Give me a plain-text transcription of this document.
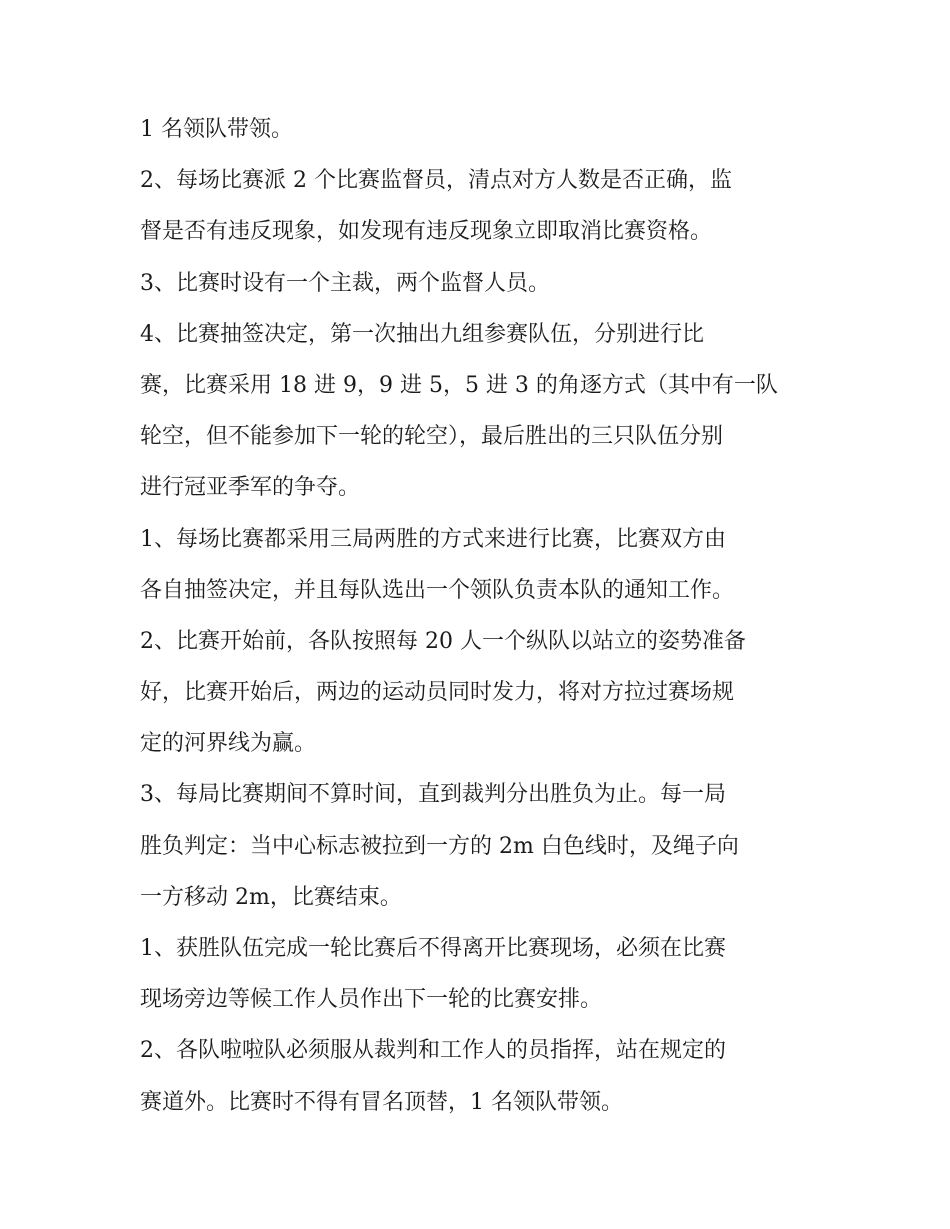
1 名领队带领。
2、每场比赛派 2 个比赛监督员，清点对方人数是否正确，监
督是否有违反现象，如发现有违反现象立即取消比赛资格。
3、比赛时设有一个主裁，两个监督人员。
4、比赛抽签决定，第一次抽出九组参赛队伍，分别进行比
赛，比赛采用 18 进 9，9 进 5，5 进 3 的角逐方式（其中有一队
轮空，但不能参加下一轮的轮空），最后胜出的三只队伍分别
进行冠亚季军的争夺。
1、每场比赛都采用三局两胜的方式来进行比赛，比赛双方由
各自抽签决定，并且每队选出一个领队负责本队的通知工作。
2、比赛开始前，各队按照每 20 人一个纵队以站立的姿势准备
好，比赛开始后，两边的运动员同时发力，将对方拉过赛场规
定的河界线为赢。
3、每局比赛期间不算时间，直到裁判分出胜负为止。每一局
胜负判定：当中心标志被拉到一方的 2m 白色线时，及绳子向
一方移动 2m，比赛结束。
1、获胜队伍完成一轮比赛后不得离开比赛现场，必须在比赛
现场旁边等候工作人员作出下一轮的比赛安排。
2、各队啦啦队必须服从裁判和工作人的员指挥，站在规定的
赛道外。比赛时不得有冒名顶替，1 名领队带领。
